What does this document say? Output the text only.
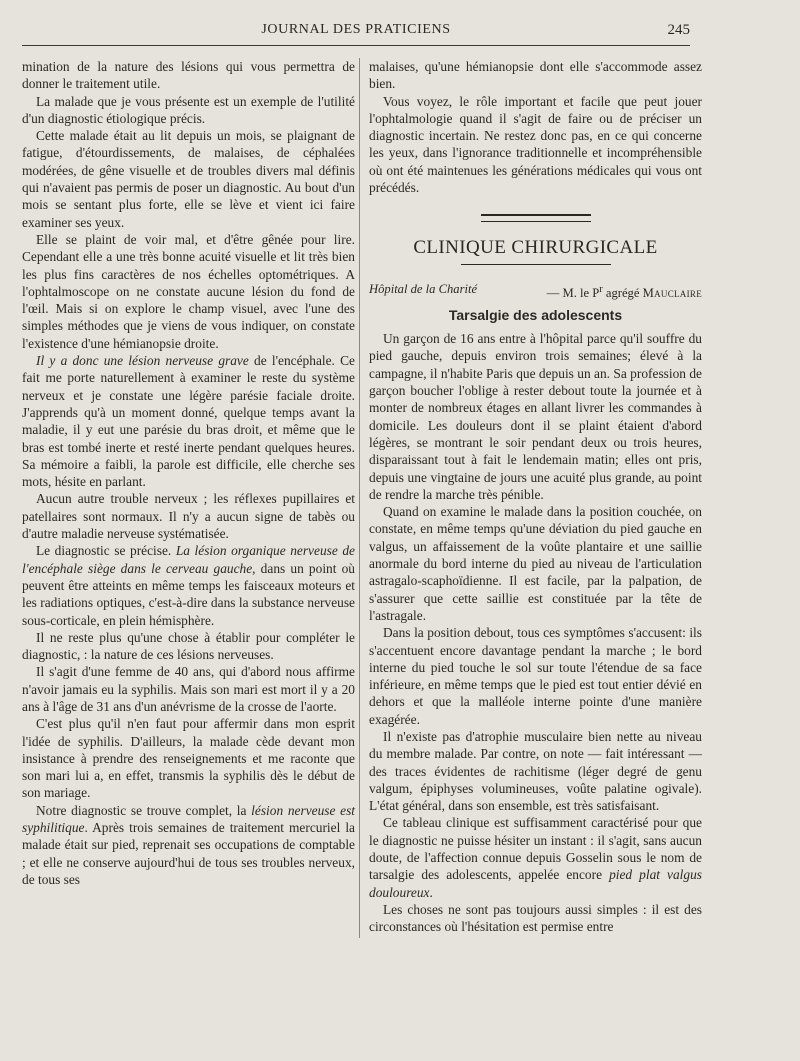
JOURNAL DES PRATICIENS	245

mination de la nature des lésions qui vous permettra de donner le traitement utile.

La malade que je vous présente est un exemple de l'utilité d'un diagnostic étiologique précis.

Cette malade était au lit depuis un mois, se plaignant de fatigue, d'étourdissements, de malaises, de céphalées modérées, de gêne visuelle et de troubles divers mal définis qui n'avaient pas permis de poser un diagnostic. Au bout d'un mois se sentant plus forte, elle se lève et vient ici faire examiner ses yeux.

Elle se plaint de voir mal, et d'être gênée pour lire. Cependant elle a une très bonne acuité visuelle et lit très bien les plus fins caractères de nos échelles optométriques. A l'ophtalmoscope on ne constate aucune lésion du fond de l'œil. Mais si on explore le champ visuel, avec l'une des simples méthodes que je viens de vous indiquer, on constate l'existence d'une hémianopsie droite.

Il y a donc une lésion nerveuse grave de l'encéphale. Ce fait me porte naturellement à examiner le reste du système nerveux et je constate une légère parésie faciale droite. J'apprends qu'à un moment donné, quelque temps avant la maladie, il y eut une parésie du bras droit, et même que le bras est tombé inerte et resté inerte pendant quelques heures. Sa mémoire a faibli, la parole est difficile, elle cherche ses mots, hésite en parlant.

Aucun autre trouble nerveux ; les réflexes pupillaires et patellaires sont normaux. Il n'y a aucun signe de tabès ou d'autre maladie nerveuse systématisée.

Le diagnostic se précise. La lésion organique nerveuse de l'encéphale siège dans le cerveau gauche, dans un point où peuvent être atteints en même temps les faisceaux moteurs et les radiations optiques, c'est-à-dire dans la substance nerveuse sous-corticale, en plein hémisphère.

Il ne reste plus qu'une chose à établir pour compléter le diagnostic, : la nature de ces lésions nerveuses.

Il s'agit d'une femme de 40 ans, qui d'abord nous affirme n'avoir jamais eu la syphilis. Mais son mari est mort il y a 20 ans à l'âge de 31 ans d'un anévrisme de la crosse de l'aorte.

C'est plus qu'il n'en faut pour affermir dans mon esprit l'idée de syphilis. D'ailleurs, la malade cède devant mon insistance à prendre des renseignements et me raconte que son mari lui a, en effet, transmis la syphilis dès le début de son mariage.

Notre diagnostic se trouve complet, la lésion nerveuse est syphilitique. Après trois semaines de traitement mercuriel la malade était sur pied, reprenait ses occupations de comptable ; et elle ne conserve aujourd'hui de tous ses troubles nerveux, de tous ses

malaises, qu'une hémianopsie dont elle s'accommode assez bien.

Vous voyez, le rôle important et facile que peut jouer l'ophtalmologie quand il s'agit de faire ou de préciser un diagnostic incertain. Ne restez donc pas, en ce qui concerne les yeux, dans l'ignorance traditionnelle et incompréhensible où ont été maintenues les générations médicales qui vous ont précédés.

CLINIQUE CHIRURGICALE

Hôpital de la Charité	— M. le $P^r$ agrégé Mauclaire

Tarsalgie des adolescents

Un garçon de 16 ans entre à l'hôpital parce qu'il souffre du pied gauche, depuis environ trois semaines; élevé à la campagne, il n'habite Paris que depuis un an. Sa profession de garçon boucher l'oblige à rester debout toute la journée et à monter de nombreux étages en allant livrer les commandes à domicile. Les douleurs dont il se plaint étaient d'abord légères, se montrant le soir pendant deux ou trois heures, disparaissant tout à fait le lendemain matin; elles ont pris, depuis une vingtaine de jours une acuité plus grande, au point de rendre la marche très pénible.

Quand on examine le malade dans la position couchée, on constate, en même temps qu'une déviation du pied gauche en valgus, un affaissement de la voûte plantaire et une saillie anormale du bord interne du pied au niveau de l'articulation astragalo-scaphoïdienne. Il est facile, par la palpation, de s'assurer que cette saillie est constituée par la tête de l'astragale.

Dans la position debout, tous ces symptômes s'accusent: ils s'accentuent encore davantage pendant la marche ; le bord interne du pied touche le sol sur toute l'étendue de sa face inférieure, en même temps que le pied est tout entier dévié en dehors et que la malléole interne pointe d'une manière exagérée.

Il n'existe pas d'atrophie musculaire bien nette au niveau du membre malade. Par contre, on note — fait intéressant — des traces évidentes de rachitisme (léger degré de genu valgum, épiphyses volumineuses, voûte palatine ogivale). L'état général, dans son ensemble, est très satisfaisant.

Ce tableau clinique est suffisamment caractérisé pour que le diagnostic ne puisse hésiter un instant : il s'agit, sans aucun doute, de l'affection connue depuis Gosselin sous le nom de tarsalgie des adolescents, appelée encore pied plat valgus douloureux.

Les choses ne sont pas toujours aussi simples : il est des circonstances où l'hésitation est permise entre
